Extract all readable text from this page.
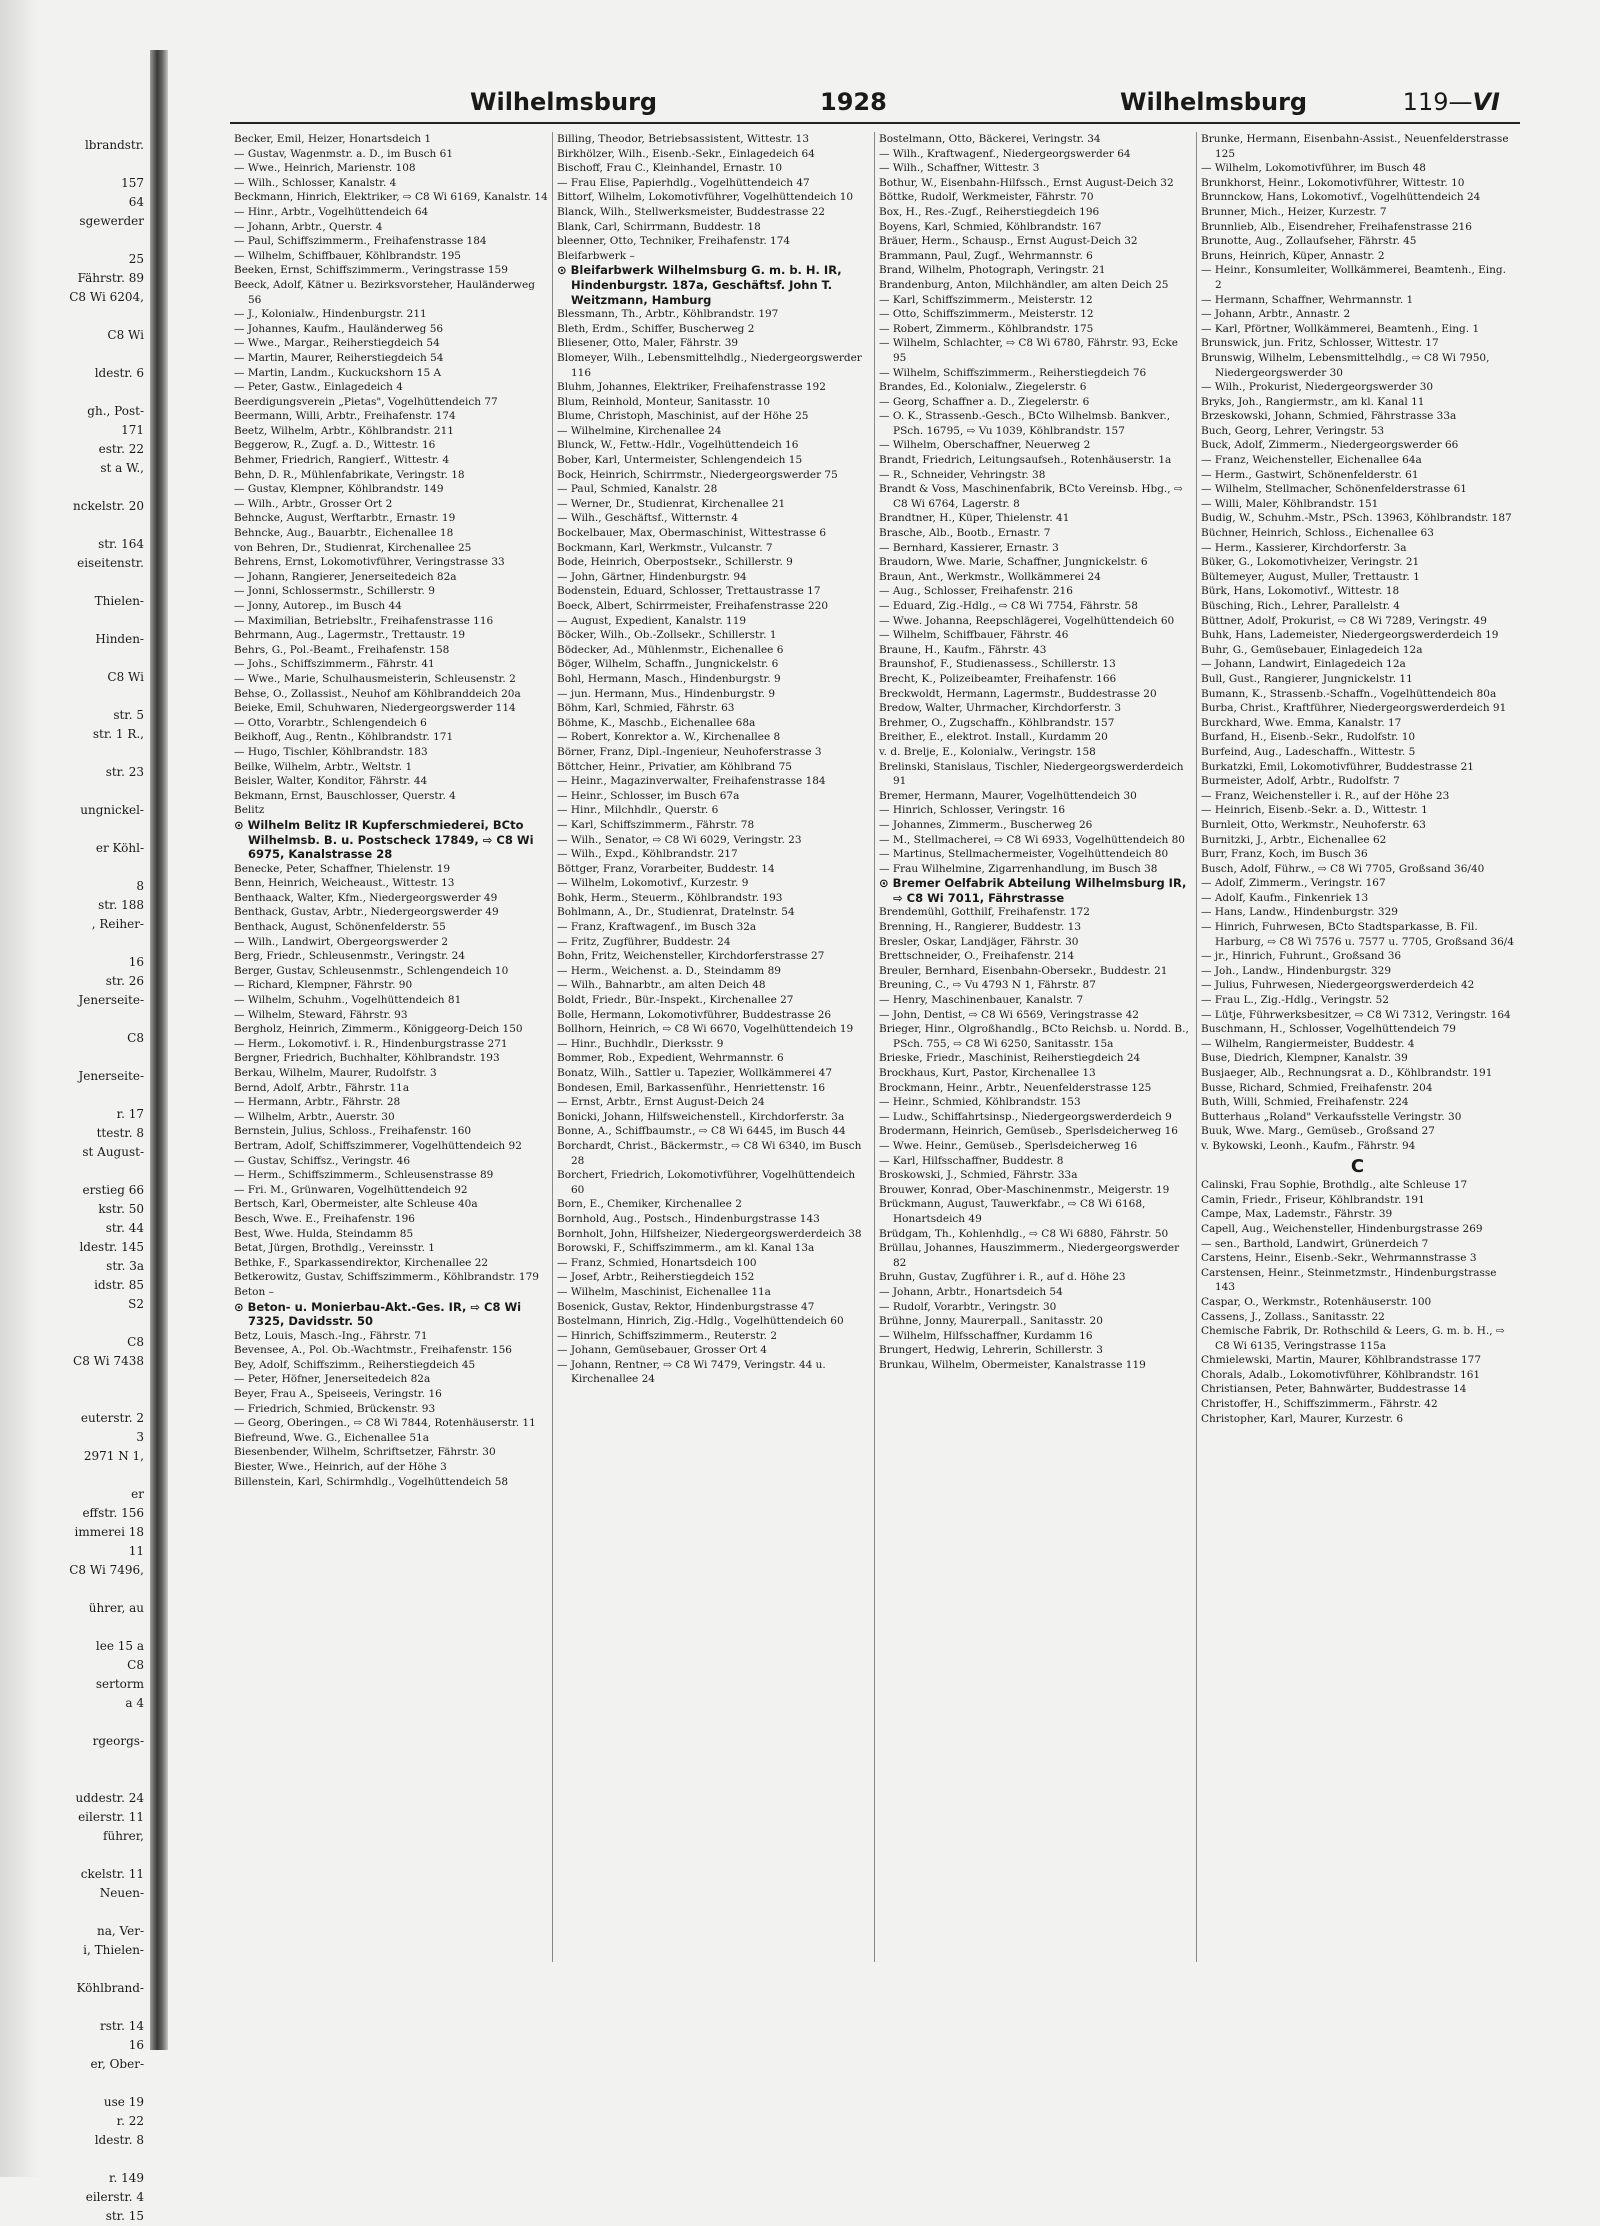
lbrandstr.
157
64
sgewerder
25
Fährstr. 89
C8 Wi 6204,
C8 Wi
ldestr. 6
gh., Post-
171
estr. 22
st a W.,
nckelstr. 20
str. 164
eiseitenstr.
Thielen-
Hinden-
C8 Wi
str. 5
str. 1 R.,
str. 23
ungnickel-
er Köhl-
8
str. 188
, Reiher-
16
str. 26
Jenerseite-
C8
Jenerseite-
r. 17
ttestr. 8
st August-
erstieg 66
kstr. 50
str. 44
ldestr. 145
str. 3a
idstr. 85
S2
C8
C8 Wi 7438
euterstr. 2
3
2971 N 1,
er
effstr. 156
immerei 18
11
C8 Wi 7496,
ührer, au
lee 15 a
C8
sertorm
a 4
rgeorgs-
uddestr. 24
eilerstr. 11
führer,
ckelstr. 11
Neuen-
na, Ver-
i, Thielen-
Köhlbrand-
rstr. 14
16
er, Ober-
use 19
r. 22
ldestr. 8
r. 149
eilerstr. 4
str. 15
Wilhelmsburg	1928	Wilhelmsburg	119—VI
Becker, Emil, Heizer, Honartsdeich 1
— Gustav, Wagenmstr. a. D., im Busch 61
— Wwe., Heinrich, Marienstr. 108
— Wilh., Schlosser, Kanalstr. 4
Beckmann, Hinrich, Elektriker, ⇨ C8 Wi 6169, Kanalstr. 14
— Hinr., Arbtr., Vogelhüttendeich 64
— Johann, Arbtr., Querstr. 4
— Paul, Schiffszimmerm., Freihafenstrasse 184
— Wilhelm, Schiffbauer, Köhlbrandstr. 195
Beeken, Ernst, Schiffszimmerm., Veringstrasse 159
Beeck, Adolf, Kätner u. Bezirksvorsteher, Hauländerweg 56
— J., Kolonialw., Hindenburgstr. 211
— Johannes, Kaufm., Hauländerweg 56
— Wwe., Margar., Reiherstiegdeich 54
— Martin, Maurer, Reiherstiegdeich 54
— Martin, Landm., Kuckuckshorn 15 A
— Peter, Gastw., Einlagedeich 4
Beerdigungsverein „Pietas", Vogelhüttendeich 77
Beermann, Willi, Arbtr., Freihafenstr. 174
Beetz, Wilhelm, Arbtr., Köhlbrandstr. 211
Beggerow, R., Zugf. a. D., Wittestr. 16
Behmer, Friedrich, Rangierf., Wittestr. 4
Behn, D. R., Mühlenfabrikate, Veringstr. 18
— Gustav, Klempner, Köhlbrandstr. 149
— Wilh., Arbtr., Grosser Ort 2
Behncke, August, Werftarbtr., Ernastr. 19
Behncke, Aug., Bauarbtr., Eichenallee 18
von Behren, Dr., Studienrat, Kirchenallee 25
Behrens, Ernst, Lokomotivführer, Veringstrasse 33
— Johann, Rangierer, Jenerseitedeich 82a
— Jonni, Schlossermstr., Schillerstr. 9
— Jonny, Autorep., im Busch 44
— Maximilian, Betriebsltr., Freihafenstrasse 116
Behrmann, Aug., Lagermstr., Trettaustr. 19
Behrs, G., Pol.-Beamt., Freihafenstr. 158
— Johs., Schiffszimmerm., Fährstr. 41
— Wwe., Marie, Schulhausmeisterin, Schleusenstr. 2
Behse, O., Zollassist., Neuhof am Köhlbranddeich 20a
Beieke, Emil, Schuhwaren, Niedergeorgswerder 114
— Otto, Vorarbtr., Schlengendeich 6
Beikhoff, Aug., Rentn., Köhlbrandstr. 171
— Hugo, Tischler, Köhlbrandstr. 183
Beilke, Wilhelm, Arbtr., Weltstr. 1
Beisler, Walter, Konditor, Fährstr. 44
Bekmann, Ernst, Bauschlosser, Querstr. 4
Belitz
⊙ Wilhelm Belitz IR Kupferschmiederei, BCto Wilhelmsb. B. u. Postscheck 17849, ⇨ C8 Wi 6975, Kanalstrasse 28
Benecke, Peter, Schaffner, Thielenstr. 19
Benn, Heinrich, Weicheaust., Wittestr. 13
Benthaack, Walter, Kfm., Niedergeorgswerder 49
Benthack, Gustav, Arbtr., Niedergeorgswerder 49
Benthack, August, Schönenfelderstr. 55
— Wilh., Landwirt, Obergeorgswerder 2
Berg, Friedr., Schleusenmstr., Veringstr. 24
Berger, Gustav, Schleusenmstr., Schlengendeich 10
— Richard, Klempner, Fährstr. 90
— Wilhelm, Schuhm., Vogelhüttendeich 81
— Wilhelm, Steward, Fährstr. 93
Bergholz, Heinrich, Zimmerm., Königgeorg-Deich 150
— Herm., Lokomotivf. i. R., Hindenburgstrasse 271
Bergner, Friedrich, Buchhalter, Köhlbrandstr. 193
Berkau, Wilhelm, Maurer, Rudolfstr. 3
Bernd, Adolf, Arbtr., Fährstr. 11a
— Hermann, Arbtr., Fährstr. 28
— Wilhelm, Arbtr., Auerstr. 30
Bernstein, Julius, Schloss., Freihafenstr. 160
Bertram, Adolf, Schiffszimmerer, Vogelhüttendeich 92
— Gustav, Schiffsz., Veringstr. 46
— Herm., Schiffszimmerm., Schleusenstrasse 89
— Fri. M., Grünwaren, Vogelhüttendeich 92
Bertsch, Karl, Obermeister, alte Schleuse 40a
Besch, Wwe. E., Freihafenstr. 196
Best, Wwe. Hulda, Steindamm 85
Betat, Jürgen, Brothdlg., Vereinsstr. 1
Bethke, F., Sparkassendirektor, Kirchenallee 22
Betkerowitz, Gustav, Schiffszimmerm., Köhlbrandstr. 179
Beton –
⊙ Beton- u. Monierbau-Akt.-Ges. IR, ⇨ C8 Wi 7325, Davidsstr. 50
Betz, Louis, Masch.-Ing., Fährstr. 71
Bevensee, A., Pol. Ob.-Wachtmstr., Freihafenstr. 156
Bey, Adolf, Schiffszimm., Reiherstiegdeich 45
— Peter, Höfner, Jenerseitedeich 82a
Beyer, Frau A., Speiseeis, Veringstr. 16
— Friedrich, Schmied, Brückenstr. 93
— Georg, Oberingen., ⇨ C8 Wi 7844, Rotenhäuserstr. 11
Biefreund, Wwe. G., Eichenallee 51a
Biesenbender, Wilhelm, Schriftsetzer, Fährstr. 30
Biester, Wwe., Heinrich, auf der Höhe 3
Billenstein, Karl, Schirmhdlg., Vogelhüttendeich 58
Billing, Theodor, Betriebsassistent, Wittestr. 13
Birkhölzer, Wilh., Eisenb.-Sekr., Einlagedeich 64
Bischoff, Frau C., Kleinhandel, Ernastr. 10
— Frau Elise, Papierhdlg., Vogelhüttendeich 47
Bittorf, Wilhelm, Lokomotivführer, Vogelhüttendeich 10
Blanck, Wilh., Stellwerksmeister, Buddestrasse 22
Blank, Carl, Schirrmann, Buddestr. 18
bleenner, Otto, Techniker, Freihafenstr. 174
Bleifarbwerk –
⊙ Bleifarbwerk Wilhelmsburg G. m. b. H. IR, Hindenburgstr. 187a, Geschäftsf. John T. Weitzmann, Hamburg
Blessmann, Th., Arbtr., Köhlbrandstr. 197
Bleth, Erdm., Schiffer, Buscherweg 2
Bliesener, Otto, Maler, Fährstr. 39
Blomeyer, Wilh., Lebensmittelhdlg., Niedergeorgswerder 116
Bluhm, Johannes, Elektriker, Freihafenstrasse 192
Blum, Reinhold, Monteur, Sanitasstr. 10
Blume, Christoph, Maschinist, auf der Höhe 25
— Wilhelmine, Kirchenallee 24
Blunck, W., Fettw.-Hdlr., Vogelhüttendeich 16
Bober, Karl, Untermeister, Schlengendeich 15
Bock, Heinrich, Schirrmstr., Niedergeorgswerder 75
— Paul, Schmied, Kanalstr. 28
— Werner, Dr., Studienrat, Kirchenallee 21
— Wilh., Geschäftsf., Witternstr. 4
Bockelbauer, Max, Obermaschinist, Wittestrasse 6
Bockmann, Karl, Werkmstr., Vulcanstr. 7
Bode, Heinrich, Oberpostsekr., Schillerstr. 9
— John, Gärtner, Hindenburgstr. 94
Bodenstein, Eduard, Schlosser, Trettaustrasse 17
Boeck, Albert, Schirrmeister, Freihafenstrasse 220
— August, Expedient, Kanalstr. 119
Böcker, Wilh., Ob.-Zollsekr., Schillerstr. 1
Bödecker, Ad., Mühlenmstr., Eichenallee 6
Böger, Wilhelm, Schaffn., Jungnickelstr. 6
Bohl, Hermann, Masch., Hindenburgstr. 9
— jun. Hermann, Mus., Hindenburgstr. 9
Böhm, Karl, Schmied, Fährstr. 63
Böhme, K., Maschb., Eichenallee 68a
— Robert, Konrektor a. W., Kirchenallee 8
Börner, Franz, Dipl.-Ingenieur, Neuhoferstrasse 3
Böttcher, Heinr., Privatier, am Köhlbrand 75
— Heinr., Magazinverwalter, Freihafenstrasse 184
— Heinr., Schlosser, im Busch 67a
— Hinr., Milchhdlr., Querstr. 6
— Karl, Schiffszimmerm., Fährstr. 78
— Wilh., Senator, ⇨ C8 Wi 6029, Veringstr. 23
— Wilh., Expd., Köhlbrandstr. 217
Böttger, Franz, Vorarbeiter, Buddestr. 14
— Wilhelm, Lokomotivf., Kurzestr. 9
Bohk, Herm., Steuerm., Köhlbrandstr. 193
Bohlmann, A., Dr., Studienrat, Dratelnstr. 54
— Franz, Kraftwagenf., im Busch 32a
— Fritz, Zugführer, Buddestr. 24
Bohn, Fritz, Weichensteller, Kirchdorferstrasse 27
— Herm., Weichenst. a. D., Steindamm 89
— Wilh., Bahnarbtr., am alten Deich 48
Boldt, Friedr., Bür.-Inspekt., Kirchenallee 27
Bolle, Hermann, Lokomotivführer, Buddestrasse 26
Bollhorn, Heinrich, ⇨ C8 Wi 6670, Vogelhüttendeich 19
— Hinr., Buchhdlr., Dierksstr. 9
Bommer, Rob., Expedient, Wehrmannstr. 6
Bonatz, Wilh., Sattler u. Tapezier, Wollkämmerei 47
Bondesen, Emil, Barkassenführ., Henriettenstr. 16
— Ernst, Arbtr., Ernst August-Deich 24
Bonicki, Johann, Hilfsweichenstell., Kirchdorferstr. 3a
Bonne, A., Schiffbaumstr., ⇨ C8 Wi 6445, im Busch 44
Borchardt, Christ., Bäckermstr., ⇨ C8 Wi 6340, im Busch 28
Borchert, Friedrich, Lokomotivführer, Vogelhüttendeich 60
Born, E., Chemiker, Kirchenallee 2
Bornhold, Aug., Postsch., Hindenburgstrasse 143
Bornholt, John, Hilfsheizer, Niedergeorgswerderdeich 38
Borowski, F., Schiffszimmerm., am kl. Kanal 13a
— Franz, Schmied, Honartsdeich 100
— Josef, Arbtr., Reiherstiegdeich 152
— Wilhelm, Maschinist, Eichenallee 11a
Bosenick, Gustav, Rektor, Hindenburgstrasse 47
Bostelmann, Hinrich, Zig.-Hdlg., Vogelhüttendeich 60
— Hinrich, Schiffszimmerm., Reuterstr. 2
— Johann, Gemüsebauer, Grosser Ort 4
— Johann, Rentner, ⇨ C8 Wi 7479, Veringstr. 44 u. Kirchenallee 24
Bostelmann, Otto, Bäckerei, Veringstr. 34
— Wilh., Kraftwagenf., Niedergeorgswerder 64
— Wilh., Schaffner, Wittestr. 3
Bothur, W., Eisenbahn-Hilfssch., Ernst August-Deich 32
Böttke, Rudolf, Werkmeister, Fährstr. 70
Box, H., Res.-Zugf., Reiherstiegdeich 196
Boyens, Karl, Schmied, Köhlbrandstr. 167
Bräuer, Herm., Schausp., Ernst August-Deich 32
Brammann, Paul, Zugf., Wehrmannstr. 6
Brand, Wilhelm, Photograph, Veringstr. 21
Brandenburg, Anton, Milchhändler, am alten Deich 25
— Karl, Schiffszimmerm., Meisterstr. 12
— Otto, Schiffszimmerm., Meisterstr. 12
— Robert, Zimmerm., Köhlbrandstr. 175
— Wilhelm, Schlachter, ⇨ C8 Wi 6780, Fährstr. 93, Ecke 95
— Wilhelm, Schiffszimmerm., Reiherstiegdeich 76
Brandes, Ed., Kolonialw., Ziegelerstr. 6
— Georg, Schaffner a. D., Ziegelerstr. 6
— O. K., Strassenb.-Gesch., BCto Wilhelmsb. Bankver., PSch. 16795, ⇨ Vu 1039, Köhlbrandstr. 157
— Wilhelm, Oberschaffner, Neuerweg 2
Brandt, Friedrich, Leitungsaufseh., Rotenhäuserstr. 1a
— R., Schneider, Vehringstr. 38
Brandt & Voss, Maschinenfabrik, BCto Vereinsb. Hbg., ⇨ C8 Wi 6764, Lagerstr. 8
Brandtner, H., Küper, Thielenstr. 41
Brasche, Alb., Bootb., Ernastr. 7
— Bernhard, Kassierer, Ernastr. 3
Braudorn, Wwe. Marie, Schaffner, Jungnickelstr. 6
Braun, Ant., Werkmstr., Wollkämmerei 24
— Aug., Schlosser, Freihafenstr. 216
— Eduard, Zig.-Hdlg., ⇨ C8 Wi 7754, Fährstr. 58
— Wwe. Johanna, Reepschlägerei, Vogelhüttendeich 60
— Wilhelm, Schiffbauer, Fährstr. 46
Braune, H., Kaufm., Fährstr. 43
Braunshof, F., Studienassess., Schillerstr. 13
Brecht, K., Polizeibeamter, Freihafenstr. 166
Breckwoldt, Hermann, Lagermstr., Buddestrasse 20
Bredow, Walter, Uhrmacher, Kirchdorferstr. 3
Brehmer, O., Zugschaffn., Köhlbrandstr. 157
Breither, E., elektrot. Install., Kurdamm 20
v. d. Brelje, E., Kolonialw., Veringstr. 158
Brelinski, Stanislaus, Tischler, Niedergeorgswerderdeich 91
Bremer, Hermann, Maurer, Vogelhüttendeich 30
— Hinrich, Schlosser, Veringstr. 16
— Johannes, Zimmerm., Buscherweg 26
— M., Stellmacherei, ⇨ C8 Wi 6933, Vogelhüttendeich 80
— Martinus, Stellmachermeister, Vogelhüttendeich 80
— Frau Wilhelmine, Zigarrenhandlung, im Busch 38
⊙ Bremer Oelfabrik Abteilung Wilhelmsburg IR, ⇨ C8 Wi 7011, Fährstrasse
Brendemühl, Gotthilf, Freihafenstr. 172
Brenning, H., Rangierer, Buddestr. 13
Bresler, Oskar, Landjäger, Fährstr. 30
Brettschneider, O., Freihafenstr. 214
Breuler, Bernhard, Eisenbahn-Obersekr., Buddestr. 21
Breuning, C., ⇨ Vu 4793 N 1, Fährstr. 87
— Henry, Maschinenbauer, Kanalstr. 7
— John, Dentist, ⇨ C8 Wi 6569, Veringstrasse 42
Brieger, Hinr., Olgroßhandlg., BCto Reichsb. u. Nordd. B., PSch. 755, ⇨ C8 Wi 6250, Sanitasstr. 15a
Brieske, Friedr., Maschinist, Reiherstiegdeich 24
Brockhaus, Kurt, Pastor, Kirchenallee 13
Brockmann, Heinr., Arbtr., Neuenfelderstrasse 125
— Heinr., Schmied, Köhlbrandstr. 153
— Ludw., Schiffahrtsinsp., Niedergeorgswerderdeich 9
Brodermann, Heinrich, Gemüseb., Sperlsdeicherweg 16
— Wwe. Heinr., Gemüseb., Sperlsdeicherweg 16
— Karl, Hilfsschaffner, Buddestr. 8
Broskowski, J., Schmied, Fährstr. 33a
Brouwer, Konrad, Ober-Maschinenmstr., Meigerstr. 19
Brückmann, August, Tauwerkfabr., ⇨ C8 Wi 6168, Honartsdeich 49
Brüdgam, Th., Kohlenhdlg., ⇨ C8 Wi 6880, Fährstr. 50
Brüllau, Johannes, Hauszimmerm., Niedergeorgswerder 82
Bruhn, Gustav, Zugführer i. R., auf d. Höhe 23
— Johann, Arbtr., Honartsdeich 54
— Rudolf, Vorarbtr., Veringstr. 30
Brühne, Jonny, Maurerpall., Sanitasstr. 20
— Wilhelm, Hilfsschaffner, Kurdamm 16
Brungert, Hedwig, Lehrerin, Schillerstr. 3
Brunkau, Wilhelm, Obermeister, Kanalstrasse 119
Brunke, Hermann, Eisenbahn-Assist., Neuenfelderstrasse 125
— Wilhelm, Lokomotivführer, im Busch 48
Brunkhorst, Heinr., Lokomotivführer, Wittestr. 10
Brunnckow, Hans, Lokomotivf., Vogelhüttendeich 24
Brunner, Mich., Heizer, Kurzestr. 7
Brunnlieb, Alb., Eisendreher, Freihafenstrasse 216
Brunotte, Aug., Zollaufseher, Fährstr. 45
Bruns, Heinrich, Küper, Annastr. 2
— Heinr., Konsumleiter, Wollkämmerei, Beamtenh., Eing. 2
— Hermann, Schaffner, Wehrmannstr. 1
— Johann, Arbtr., Annastr. 2
— Karl, Pförtner, Wollkämmerei, Beamtenh., Eing. 1
Brunswick, jun. Fritz, Schlosser, Wittestr. 17
Brunswig, Wilhelm, Lebensmittelhdlg., ⇨ C8 Wi 7950, Niedergeorgswerder 30
— Wilh., Prokurist, Niedergeorgswerder 30
Bryks, Joh., Rangiermstr., am kl. Kanal 11
Brzeskowski, Johann, Schmied, Fährstrasse 33a
Buch, Georg, Lehrer, Veringstr. 53
Buck, Adolf, Zimmerm., Niedergeorgswerder 66
— Franz, Weichensteller, Eichenallee 64a
— Herm., Gastwirt, Schönenfelderstr. 61
— Wilhelm, Stellmacher, Schönenfelderstrasse 61
— Willi, Maler, Köhlbrandstr. 151
Budig, W., Schuhm.-Mstr., PSch. 13963, Köhlbrandstr. 187
Büchner, Heinrich, Schloss., Eichenallee 63
— Herm., Kassierer, Kirchdorferstr. 3a
Büker, G., Lokomotivheizer, Veringstr. 21
Bültemeyer, August, Muller, Trettaustr. 1
Bürk, Hans, Lokomotivf., Wittestr. 18
Büsching, Rich., Lehrer, Parallelstr. 4
Büttner, Adolf, Prokurist, ⇨ C8 Wi 7289, Veringstr. 49
Buhk, Hans, Lademeister, Niedergeorgswerderdeich 19
Buhr, G., Gemüsebauer, Einlagedeich 12a
— Johann, Landwirt, Einlagedeich 12a
Bull, Gust., Rangierer, Jungnickelstr. 11
Bumann, K., Strassenb.-Schaffn., Vogelhüttendeich 80a
Burba, Christ., Kraftführer, Niedergeorgswerderdeich 91
Burckhard, Wwe. Emma, Kanalstr. 17
Burfand, H., Eisenb.-Sekr., Rudolfstr. 10
Burfeind, Aug., Ladeschaffn., Wittestr. 5
Burkatzki, Emil, Lokomotivführer, Buddestrasse 21
Burmeister, Adolf, Arbtr., Rudolfstr. 7
— Franz, Weichensteller i. R., auf der Höhe 23
— Heinrich, Eisenb.-Sekr. a. D., Wittestr. 1
Burnleit, Otto, Werkmstr., Neuhoferstr. 63
Burnitzki, J., Arbtr., Eichenallee 62
Burr, Franz, Koch, im Busch 36
Busch, Adolf, Führw., ⇨ C8 Wi 7705, Großsand 36/40
— Adolf, Zimmerm., Veringstr. 167
— Adolf, Kaufm., Finkenriek 13
— Hans, Landw., Hindenburgstr. 329
— Hinrich, Fuhrwesen, BCto Stadtsparkasse, B. Fil. Harburg, ⇨ C8 Wi 7576 u. 7577 u. 7705, Großsand 36/4
— jr., Hinrich, Fuhrunt., Großsand 36
— Joh., Landw., Hindenburgstr. 329
— Julius, Fuhrwesen, Niedergeorgswerderdeich 42
— Frau L., Zig.-Hdlg., Veringstr. 52
— Lütje, Führwerksbesitzer, ⇨ C8 Wi 7312, Veringstr. 164
Buschmann, H., Schlosser, Vogelhüttendeich 79
— Wilhelm, Rangiermeister, Buddestr. 4
Buse, Diedrich, Klempner, Kanalstr. 39
Busjaeger, Alb., Rechnungsrat a. D., Köhlbrandstr. 191
Busse, Richard, Schmied, Freihafenstr. 204
Buth, Willi, Schmied, Freihafenstr. 224
Butterhaus „Roland" Verkaufsstelle Veringstr. 30
Buuk, Wwe. Marg., Gemüseb., Großsand 27
v. Bykowski, Leonh., Kaufm., Fährstr. 94
C
Calinski, Frau Sophie, Brothdlg., alte Schleuse 17
Camin, Friedr., Friseur, Köhlbrandstr. 191
Campe, Max, Lademstr., Fährstr. 39
Capell, Aug., Weichensteller, Hindenburgstrasse 269
— sen., Barthold, Landwirt, Grünerdeich 7
Carstens, Heinr., Eisenb.-Sekr., Wehrmannstrasse 3
Carstensen, Heinr., Steinmetzmstr., Hindenburgstrasse 143
Caspar, O., Werkmstr., Rotenhäuserstr. 100
Cassens, J., Zollass., Sanitasstr. 22
Chemische Fabrik, Dr. Rothschild & Leers, G. m. b. H., ⇨ C8 Wi 6135, Veringstrasse 115a
Chmielewski, Martin, Maurer, Köhlbrandstrasse 177
Chorals, Adalb., Lokomotivführer, Köhlbrandstr. 161
Christiansen, Peter, Bahnwärter, Buddestrasse 14
Christoffer, H., Schiffszimmerm., Fährstr. 42
Christopher, Karl, Maurer, Kurzestr. 6
